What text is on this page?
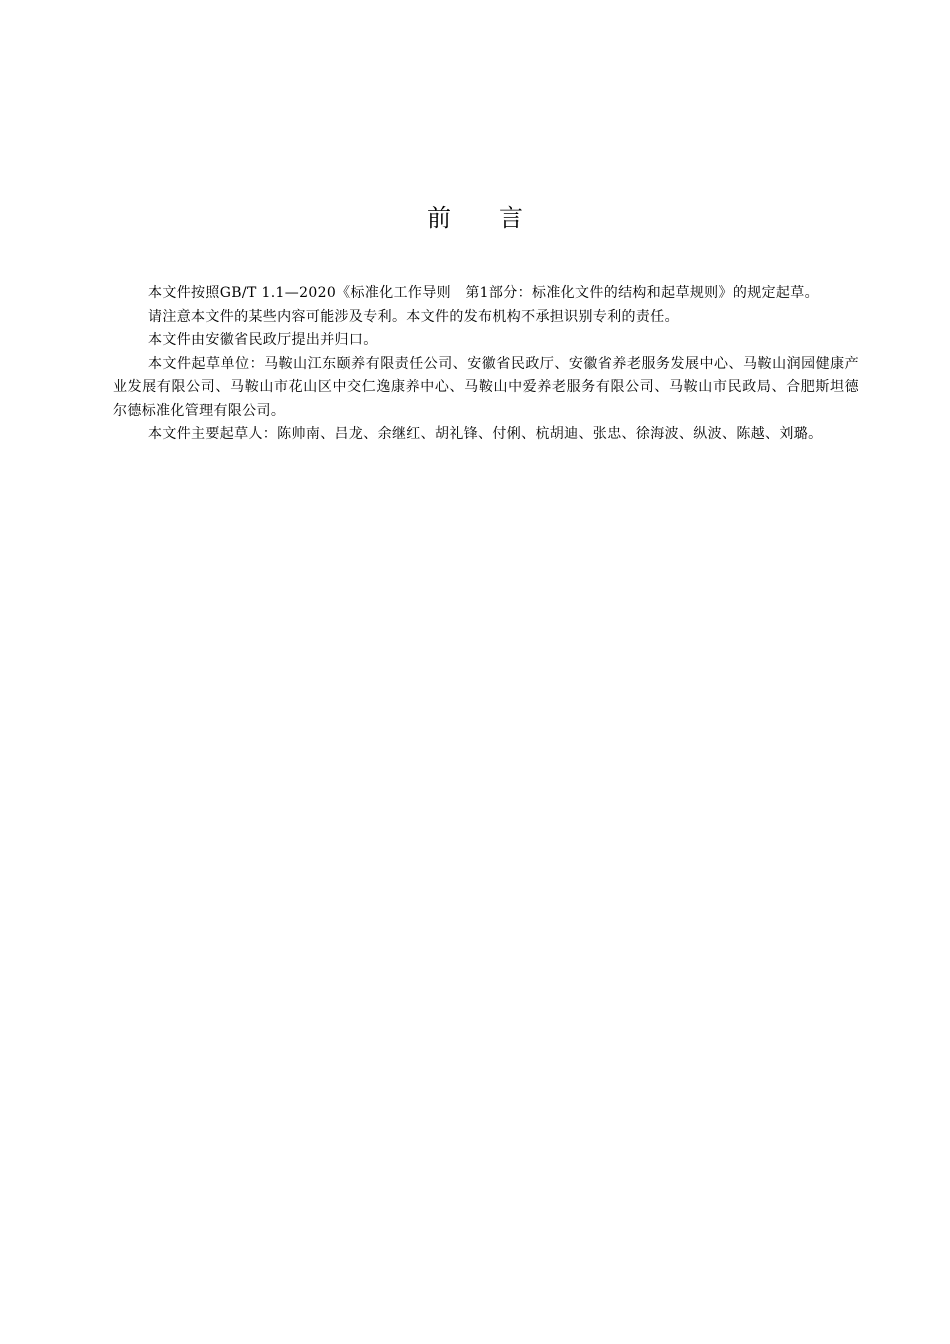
前言

本文件按照GB/T 1.1—2020《标准化工作导则　第1部分：标准化文件的结构和起草规则》的规定起草。

请注意本文件的某些内容可能涉及专利。本文件的发布机构不承担识别专利的责任。

本文件由安徽省民政厅提出并归口。

本文件起草单位：马鞍山江东颐养有限责任公司、安徽省民政厅、安徽省养老服务发展中心、马鞍山润园健康产业发展有限公司、马鞍山市花山区中交仁逸康养中心、马鞍山中爱养老服务有限公司、马鞍山市民政局、合肥斯坦德尔德标准化管理有限公司。

本文件主要起草人：陈帅南、吕龙、余继红、胡礼锋、付俐、杭胡迪、张忠、徐海波、纵波、陈越、刘璐。
